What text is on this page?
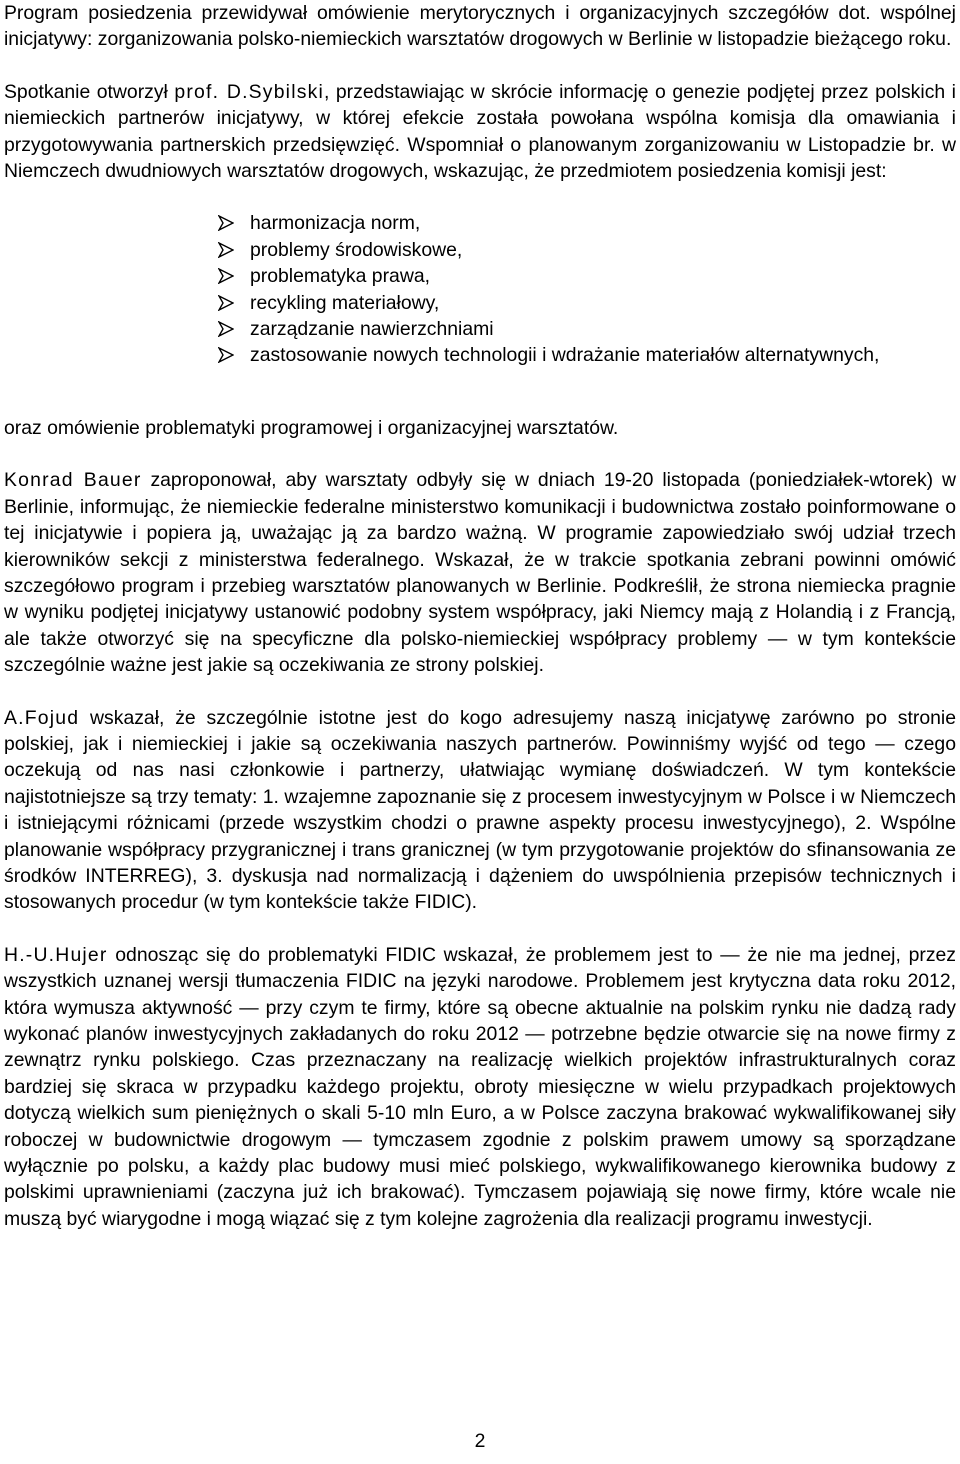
Program posiedzenia przewidywał omówienie merytorycznych i organizacyjnych szczegółów dot. wspólnej inicjatywy: zorganizowania polsko-niemieckich warsztatów drogowych w Berlinie w listopadzie bieżącego roku.

Spotkanie otworzył prof. D.Sybilski, przedstawiając w skrócie informację o genezie podjętej przez polskich i niemieckich partnerów inicjatywy, w której efekcie została powołana wspólna komisja dla omawiania i przygotowywania partnerskich przedsięwzięć. Wspomniał o planowanym zorganizowaniu w Listopadzie br. w Niemczech dwudniowych warsztatów drogowych, wskazując, że przedmiotem posiedzenia komisji jest:

harmonizacja norm,
problemy środowiskowe,
problematyka prawa,
recykling materiałowy,
zarządzanie nawierzchniami
zastosowanie nowych technologii i wdrażanie materiałów alternatywnych,

oraz omówienie problematyki programowej i organizacyjnej warsztatów.

Konrad Bauer zaproponował, aby warsztaty odbyły się w dniach 19-20 listopada (poniedziałek-wtorek) w Berlinie, informując, że niemieckie federalne ministerstwo komunikacji i budownictwa zostało poinformowane o tej inicjatywie i popiera ją, uważając ją za bardzo ważną. W programie zapowiedziało swój udział trzech kierowników sekcji z ministerstwa federalnego. Wskazał, że w trakcie spotkania zebrani powinni omówić szczegółowo program i przebieg warsztatów planowanych w Berlinie. Podkreślił, że strona niemiecka pragnie w wyniku podjętej inicjatywy ustanowić podobny system współpracy, jaki Niemcy mają z Holandią i z Francją, ale także otworzyć się na specyficzne dla polsko-niemieckiej współpracy problemy — w tym kontekście szczególnie ważne jest jakie są oczekiwania ze strony polskiej.

A.Fojud wskazał, że szczególnie istotne jest do kogo adresujemy naszą inicjatywę zarówno po stronie polskiej, jak i niemieckiej i jakie są oczekiwania naszych partnerów. Powinniśmy wyjść od tego — czego oczekują od nas nasi członkowie i partnerzy, ułatwiając wymianę doświadczeń. W tym kontekście najistotniejsze są trzy tematy: 1. wzajemne zapoznanie się z procesem inwestycyjnym w Polsce i w Niemczech i istniejącymi różnicami (przede wszystkim chodzi o prawne aspekty procesu inwestycyjnego), 2. Wspólne planowanie współpracy przygranicznej i trans granicznej (w tym przygotowanie projektów do sfinansowania ze środków INTERREG), 3. dyskusja nad normalizacją i dążeniem do uwspólnienia przepisów technicznych i stosowanych procedur (w tym kontekście także FIDIC).

H.-U.Hujer odnosząc się do problematyki FIDIC wskazał, że problemem jest to — że nie ma jednej, przez wszystkich uznanej wersji tłumaczenia FIDIC na języki narodowe. Problemem jest krytyczna data roku 2012, która wymusza aktywność — przy czym te firmy, które są obecne aktualnie na polskim rynku nie dadzą rady wykonać planów inwestycyjnych zakładanych do roku 2012 — potrzebne będzie otwarcie się na nowe firmy z zewnątrz rynku polskiego. Czas przeznaczany na realizację wielkich projektów infrastrukturalnych coraz bardziej się skraca w przypadku każdego projektu, obroty miesięczne w wielu przypadkach projektowych dotyczą wielkich sum pieniężnych o skali 5-10 mln Euro, a w Polsce zaczyna brakować wykwalifikowanej siły roboczej w budownictwie drogowym — tymczasem zgodnie z polskim prawem umowy są sporządzane wyłącznie po polsku, a każdy plac budowy musi mieć polskiego, wykwalifikowanego kierownika budowy z polskimi uprawnieniami (zaczyna już ich brakować). Tymczasem pojawiają się nowe firmy, które wcale nie muszą być wiarygodne i mogą wiązać się z tym kolejne zagrożenia dla realizacji programu inwestycji.

2
